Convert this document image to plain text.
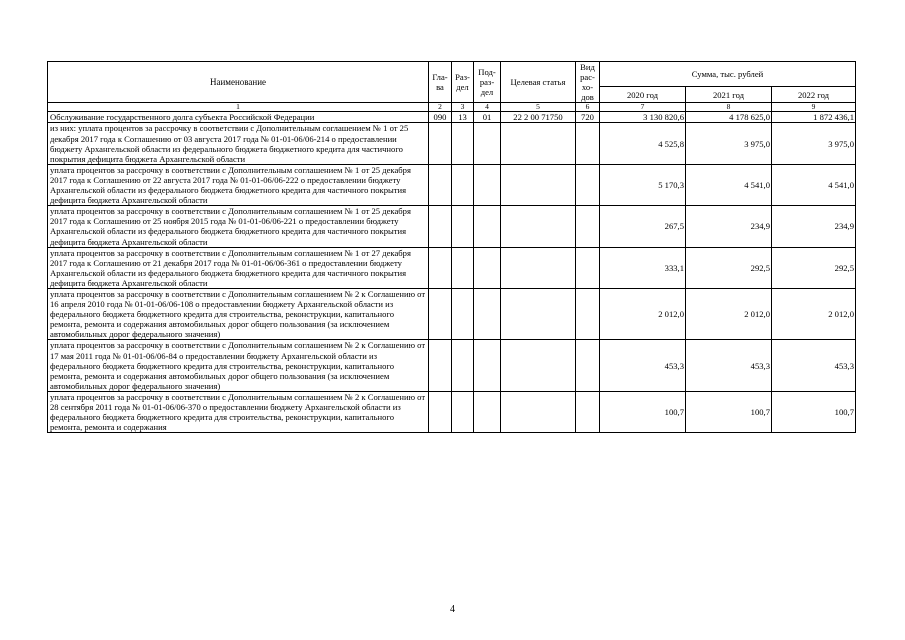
Наименование	Гла-ва	Раз-дел	Под-раз-дел	Целевая статья	Вид рас-хо-дов	Сумма, тыс. рублей		
						2020 год	2021 год	2022 год
1	2	3	4	5	6	7	8	9
Обслуживание государственного долга субъекта Российской Федерации	090	13	01	22 2 00 71750	720	3 130 820,6	4 178 625,0	1 872 436,1
из них: уплата процентов за рассрочку в соответствии с Дополнительным соглашением № 1 от 25 декабря 2017 года к Соглашению от 03 августа 2017 года № 01-01-06/06-214 о предоставлении бюджету Архангельской области из федерального бюджета бюджетного кредита для частичного покрытия дефицита бюджета Архангельской области						4 525,8	3 975,0	3 975,0
уплата процентов за рассрочку в соответствии с Дополнительным соглашением № 1 от 25 декабря 2017 года к Соглашению от 22 августа 2017 года № 01-01-06/06-222 о предоставлении бюджету Архангельской области из федерального бюджета бюджетного кредита для частичного покрытия дефицита бюджета Архангельской области						5 170,3	4 541,0	4 541,0
уплата процентов за рассрочку в соответствии с Дополнительным соглашением № 1 от 25 декабря 2017 года к Соглашению от 25 ноября 2015 года № 01-01-06/06-221 о предоставлении бюджету Архангельской области из федерального бюджета бюджетного кредита для частичного покрытия дефицита бюджета Архангельской области						267,5	234,9	234,9
уплата процентов за рассрочку в соответствии с Дополнительным соглашением № 1 от 27 декабря 2017 года к Соглашению от 21 декабря 2017 года № 01-01-06/06-361 о предоставлении бюджету Архангельской области из федерального бюджета бюджетного кредита для частичного покрытия дефицита бюджета Архангельской области						333,1	292,5	292,5
уплата процентов за рассрочку в соответствии с Дополнительным соглашением № 2 к Соглашению от 16 апреля 2010 года № 01-01-06/06-108 о предоставлении бюджету Архангельской области из федерального бюджета бюджетного кредита для строительства, реконструкции, капитального ремонта, ремонта и содержания автомобильных дорог общего пользования (за исключением автомобильных дорог федерального значения)						2 012,0	2 012,0	2 012,0
уплата процентов за рассрочку в соответствии с Дополнительным соглашением № 2 к Соглашению от 17 мая 2011 года № 01-01-06/06-84 о предоставлении бюджету Архангельской области из федерального бюджета бюджетного кредита для строительства, реконструкции, капитального ремонта, ремонта и содержания автомобильных дорог общего пользования (за исключением автомобильных дорог федерального значения)						453,3	453,3	453,3
уплата процентов за рассрочку в соответствии с Дополнительным соглашением № 2 к Соглашению от 28 сентября 2011 года № 01-01-06/06-370 о предоставлении бюджету Архангельской области из федерального бюджета бюджетного кредита для строительства, реконструкции, капитального ремонта, ремонта и содержания						100,7	100,7	100,7
4
